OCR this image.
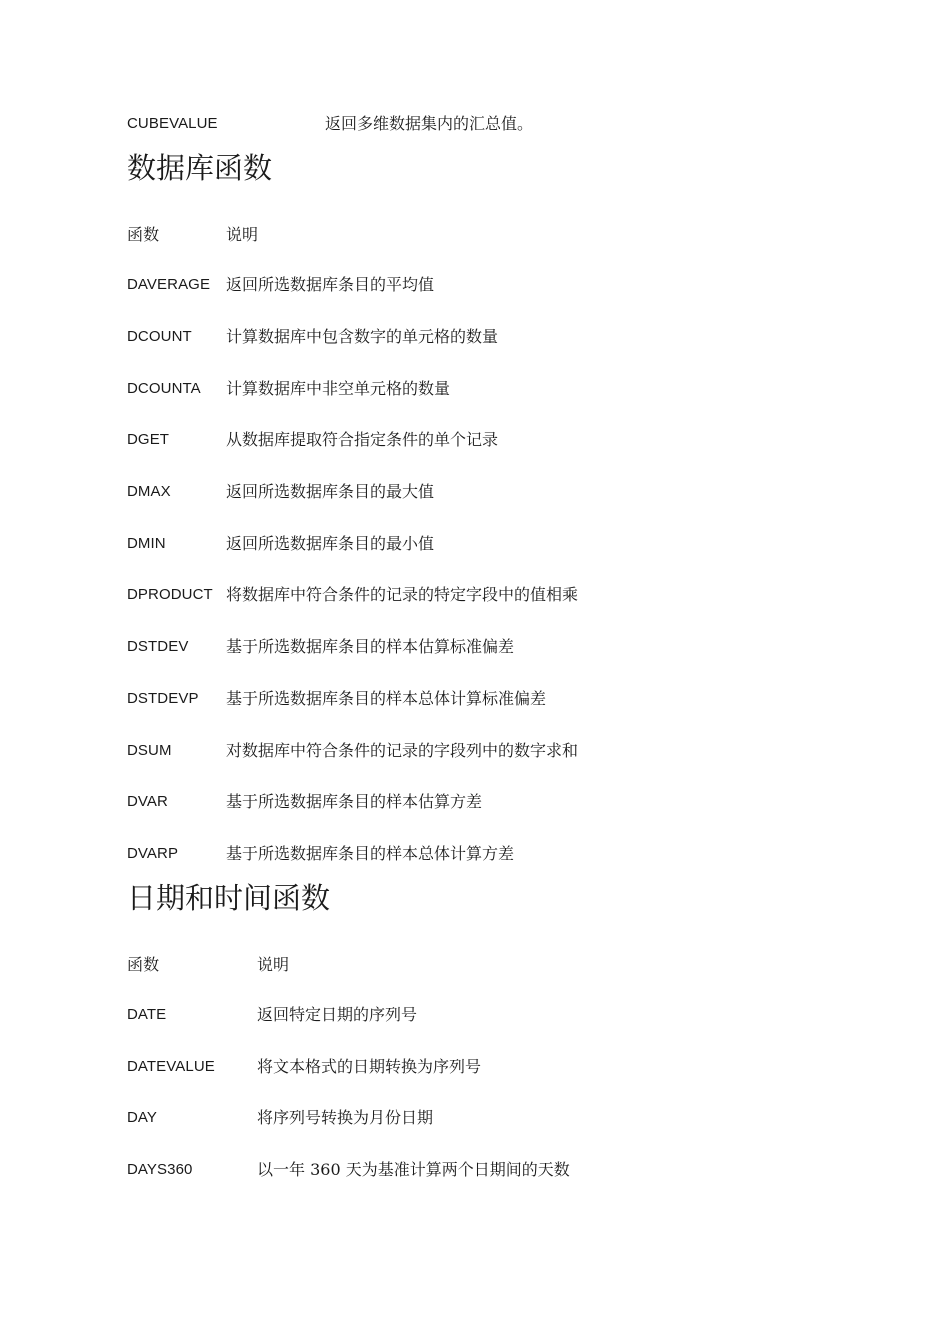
CUBEVALUE	返回多维数据集内的汇总值。
数据库函数
函数	说明
DAVERAGE 返回所选数据库条目的平均值
DCOUNT 计算数据库中包含数字的单元格的数量
DCOUNTA 计算数据库中非空单元格的数量
DGET	从数据库提取符合指定条件的单个记录
DMAX	返回所选数据库条目的最大值
DMIN	返回所选数据库条目的最小值
DPRODUCT 将数据库中符合条件的记录的特定字段中的值相乘
DSTDEV 基于所选数据库条目的样本估算标准偏差
DSTDEVP 基于所选数据库条目的样本总体计算标准偏差
DSUM	对数据库中符合条件的记录的字段列中的数字求和
DVAR	基于所选数据库条目的样本估算方差
DVARP	基于所选数据库条目的样本总体计算方差
日期和时间函数
函数	说明
DATE	返回特定日期的序列号
DATEVALUE	将文本格式的日期转换为序列号
DAY	将序列号转换为月份日期
DAYS360	以一年 360 天为基准计算两个日期间的天数
